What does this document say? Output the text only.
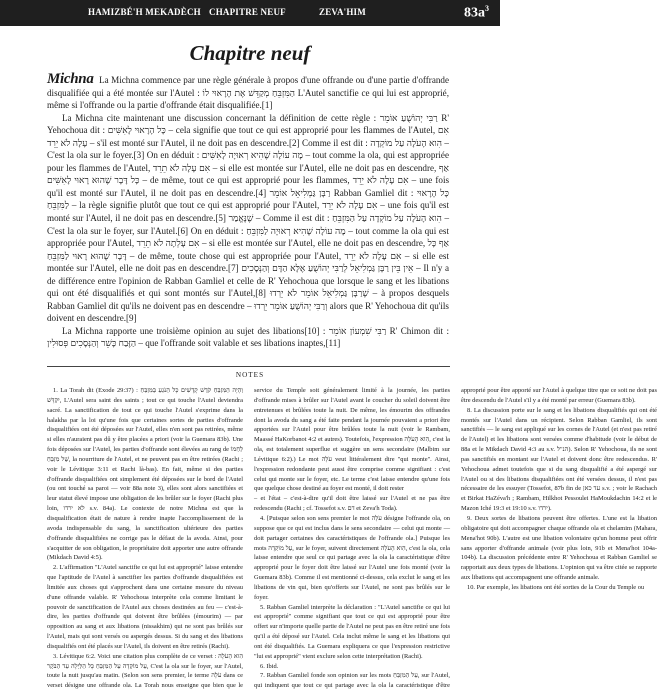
HAMIZBÉ'H MEKADÈCH CHAPITRE NEUF	ZEVA'HIM	$83a^3$
Chapitre neuf

Michna La Michna commence par une règle générale à propos d'une offrande ou d'une partie d'offrande disqualifiée qui a été montée sur l'Autel : הַמִּזְבֵּחַ מְקַדֵּשׁ אֶת הָרָאוּי לוֹ L'Autel sanctifie ce qui lui est approprié, même si l'offrande ou la partie d'offrande était disqualifiée.[1]

La Michna cite maintenant une discussion concernant la définition de cette règle : רַבִּי יְהוֹשֻׁעַ אוֹמֵר R' Yehochoua dit : כָּל הָרָאוּי לָאִשִּׁים – cela signifie que tout ce qui est approprié pour les flammes de l'Autel, אִם עָלָה לֹא יֵרֵד – s'il est monté sur l'Autel, il ne doit pas en descendre.[2] Comme il est dit : הִוא הָעֹלָה עַל מוֹקְדָה – C'est la ola sur le foyer.[3] On en déduit : מָה עוֹלָה שֶׁהִיא רְאוּיָה לָאִשִּׁים – tout comme la ola, qui est appropriée pour les flammes de l'Autel, אִם עָלָה לֹא תֵרֵד – si elle est montée sur l'Autel, elle ne doit pas en descendre, אַף כָּל דָּבָר שֶׁהוּא רָאוּי לָאִשִּׁים – de même, tout ce qui est approprié pour les flammes, אִם עָלָה לֹא יֵרֵד – une fois qu'il est monté sur l'Autel, il ne doit pas en descendre.[4] רַבָּן גַּמְלִיאֵל אוֹמֵר Rabban Gamliel dit : כָּל הָרָאוּי לַמִּזְבֵּחַ – la règle signifie plutôt que tout ce qui est approprié pour l'Autel, אִם עָלָה לֹא יֵרֵד – une fois qu'il est monté sur l'Autel, il ne doit pas en descendre.[5] שֶׁנֶּאֱמַר – Comme il est dit : הִוא הָעֹלָה עַל מוֹקְדָה עַל הַמִּזְבֵּחַ – C'est la ola sur le foyer, sur l'Autel.[6] On en déduit : מָה עוֹלָה שֶׁהִיא רְאוּיָה לַמִּזְבֵּחַ – tout comme la ola qui est appropriée pour l'Autel, אִם עָלְתָה לֹא תֵרֵד – si elle est montée sur l'Autel, elle ne doit pas en descendre, אַף כָּל דָּבָר שֶׁהוּא רָאוּי לַמִּזְבֵּחַ – de même, toute chose qui est appropriée pour l'Autel, אִם עָלָה לֹא יֵרֵד – si elle est montée sur l'Autel, elle ne doit pas en descendre.[7] אֵין בֵּין רַבָּן גַּמְלִיאֵל לְרַבִּי יְהוֹשֻׁעַ אֶלָּא הַדָּם וְהַנְּסָכִים – Il n'y a de différence entre l'opinion de Rabban Gamliel et celle de R' Yehochoua que lorsque le sang et les libations qui ont été disqualifiés et qui sont montés sur l'Autel,[8] שֶׁרַבָּן גַּמְלִיאֵל אוֹמֵר לֹא יֵרְדוּ – à propos desquels Rabban Gamliel dit qu'ils ne doivent pas en descendre – וְרַבִּי יְהוֹשֻׁעַ אוֹמֵר יֵרְדוּ alors que R' Yehochoua dit qu'ils doivent en descendre.[9]

La Michna rapporte une troisième opinion au sujet des libations[10] : רַבִּי שִׁמְעוֹן אוֹמֵר R' Chimon dit : הַזֶּבַח כָּשֵׁר וְהַנְּסָכִים פְּסוּלִין – que l'offrande soit valable et ses libations inaptes,[11]

NOTES

1. La Torah dit (Exode 29:37) : וְהָיָה הַמִּזְבֵּחַ קֹדֶשׁ קָדָשִׁים כָּל הַנֹּגֵעַ בַּמִּזְבֵּחַ יִקְדָּשׁ, L'Autel sera saint des saints ; tout ce qui touche l'Autel deviendra sacré. La sanctification de tout ce qui touche l'Autel s'exprime dans la halakha par la loi qu'une fois que certaines sortes de parties d'offrande disqualifiées ont été déposées sur l'Autel, elles n'en sont pas retirées, même si elles n'auraient pas dû y être placées a priori (voir la Guemara 83b). Une fois déposées sur l'Autel, les parties d'offrande sont élevées au rang de לַחְמוֹ שֶׁל מִזְבֵּחַ, la nourriture de l'Autel, et ne peuvent pas en être retirées (Rachi ; voir le Lévitique 3:11 et Rachi là-bas). En fait, même si des parties d'offrande disqualifiées ont simplement été déposées sur le bord de l'Autel (ou ont touché sa paroi — voir 88a note 3), elles sont alors sanctifiées et leur statut élevé impose une obligation de les brûler sur le foyer (Rachi plus loin, לא ירדו s.v. 84a). Le contexte de notre Michna est que la disqualification était de nature à rendre inapte l'accomplissement de la avoda indispensable du sang, la sanctification ultérieure des parties d'offrande disqualifiées ne corrige pas le défaut de la avoda. Ainsi, pour s'acquitter de son obligation, le propriétaire doit apporter une autre offrande (Mikdach David 4:5).

2. L'affirmation "L'Autel sanctifie ce qui lui est approprié" laisse entendre que l'aptitude de l'Autel à sanctifier les parties d'offrande disqualifiées est limitée aux choses qui s'approchent dans une certaine mesure du niveau d'une offrande valable. R' Yehochoua interprète cela comme limitant le pouvoir de sanctification de l'Autel aux choses destinées au feu — c'est-à-dire, les parties d'offrande qui doivent être brûlées (émourim) — par opposition au sang et aux libations (nissakhim) qui ne sont pas brûlés sur l'Autel, mais qui sont versés ou aspergés dessus. Si du sang et des libations disqualifiés ont été placés sur l'Autel, ils doivent en être retirés (Rachi).

3. Lévitique 6:2. Voici une citation plus complète de ce verset : הִוא הָעֹלָה עַל מוֹקְדָה עַל הַמִּזְבֵּחַ כָּל הַלַּיְלָה עַד הַבֹּקֶר, C'est la ola sur le foyer, sur l'Autel, toute la nuit jusqu'au matin. (Selon son sens premier, le terme עֹלָה dans ce verset désigne une offrande ola. La Torah nous enseigne que bien que le service du Temple soit généralement limité à la journée, les parties d'offrande mises à brûler sur l'Autel avant le coucher du soleil doivent être entretenues et brûlées toute la nuit. De même, les émourim des offrandes dont la avoda du sang a été faite pendant la journée pouvaient a priori être apportées sur l'Autel pour être brûlées toute la nuit (voir le Rambam, Maassé HaKorbanot 4:2 et autres). Toutefois, l'expression הִוא הָעֹלָה, c'est la ola, est totalement superflue et suggère un sens secondaire (Malbim sur Lévitique 6:2).) Le mot עֹלָה veut littéralement dire "qui monte". Ainsi, l'expression redondante peut aussi être comprise comme signifiant : c'est celui qui monte sur le foyer, etc. Le terme c'est laisse entendre qu'une fois que quelque chose destiné au foyer est monté, il doit rester

– et l'état – c'est-à-dire qu'il doit être laissé sur l'Autel et ne pas être redescendu (Rachi ; cf. Tossefot s.v. דם et Zeva'h Toda).

4. [Puisque selon son sens premier le mot עֹלָה désigne l'offrande ola, on suppose que ce qui est inclus dans le sens secondaire — celui qui monte — doit partager certaines des caractéristiques de l'offrande ola.] Puisque les mots עַל מוֹקְדָה, sur le foyer, suivent directement הִוא הָעֹלָה, c'est la ola, cela laisse entendre que seul ce qui partage avec la ola la caractéristique d'être approprié pour le foyer doit être laissé sur l'Autel une fois monté (voir la Guemara 83b). Comme il est mentionné ci-dessus, cela exclut le sang et les libations de vin qui, bien qu'offerts sur l'Autel, ne sont pas brûlés sur le foyer.

5. Rabban Gamliel interprète la déclaration : "L'Autel sanctifie ce qui lui est approprié" comme signifiant que tout ce qui est approprié pour être offert sur n'importe quelle partie de l'Autel ne peut pas en être retiré une fois qu'il a été déposé sur l'Autel. Cela inclut même le sang et les libations qui ont été disqualifiés. La Guemara expliquera ce que l'expression restrictive "lui est approprié" vient exclure selon cette interprétation (Rachi).

6. Ibid.

7. Rabban Gamliel fonde son opinion sur les mots עַל הַמִּזְבֵּחַ, sur l'Autel, qui indiquent que tout ce qui partage avec la ola la caractéristique d'être approprié pour être apporté sur l'Autel à quelque titre que ce soit ne doit pas être descendu de l'Autel s'il y a été monté par erreur (Guemara 83b).

8. La discussion porte sur le sang et les libations disqualifiés qui ont été montés sur l'Autel dans un récipient. Selon Rabban Gamliel, ils sont sanctifiés — le sang est appliqué sur les cornes de l'Autel (et n'est pas retiré de l'Autel) et les libations sont versées comme d'habitude (voir le début de 88a et le Mikdach David 4:3 au s.v. הנ"ל). Selon R' Yehochoua, ils ne sont pas sanctifiés en montant sur l'Autel et doivent donc être redescendus. R' Yehochoua admet toutefois que si du sang disqualifié a été aspergé sur l'Autel ou si des libations disqualifiées ont été versées dessus, il n'est pas nécessaire de les essuyer (Tossefot, 87b fin de עד כאן s.v. ; voir le Rachach et Birkat HaZéva'h ; Rambam, Hilkhot Pessoulei HaMoukdachin 14:2 et le Mazon Iché 19:3 et 19:10 s.v. ירדו).

9. Deux sortes de libations peuvent être offertes. L'une est la libation obligatoire qui doit accompagner chaque offrande ola et chelamim (Mahara, Mena'hot 90b). L'autre est une libation volontaire qu'un homme peut offrir sans apporter d'offrande animale (voir plus loin, 91b et Mena'hot 104a-104b). La discussion précédente entre R' Yehochoua et Rabban Gamliel se rapportait aux deux types de libations. L'opinion qui va être citée se rapporte aux libations qui accompagnent une offrande animale.

10. Par exemple, les libations ont été sorties de la Cour du Temple ou
